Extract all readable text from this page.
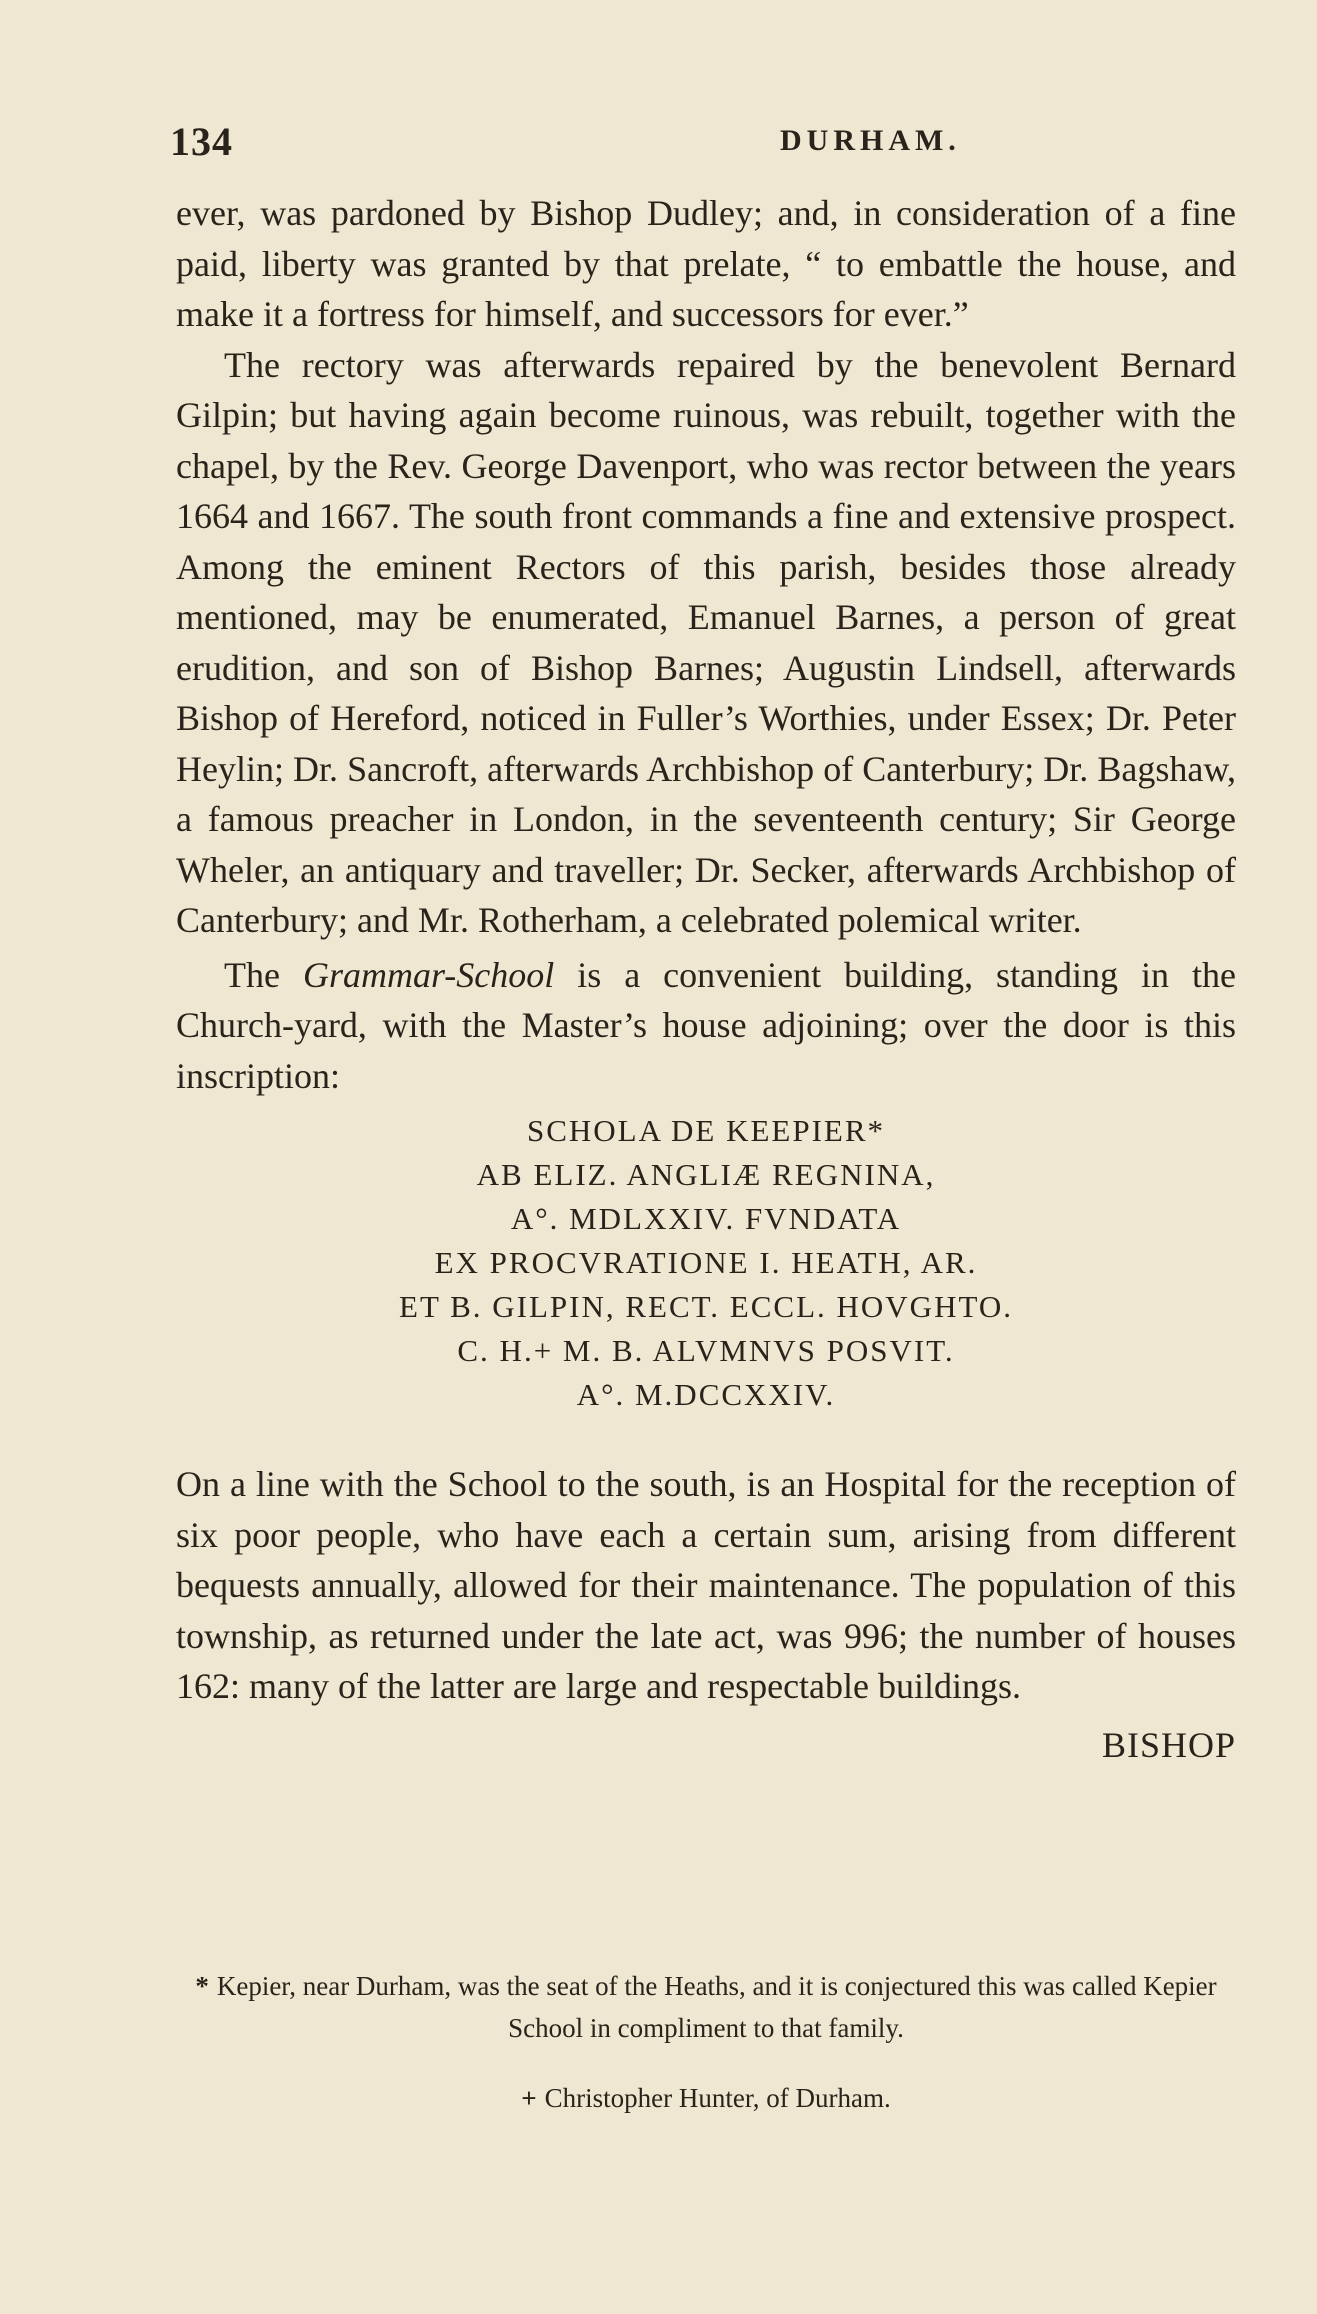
134	DURHAM.

ever, was pardoned by Bishop Dudley; and, in consideration of a fine paid, liberty was granted by that prelate, “ to embattle the house, and make it a fortress for himself, and successors for ever.”

The rectory was afterwards repaired by the benevolent Bernard Gilpin; but having again become ruinous, was rebuilt, together with the chapel, by the Rev. George Davenport, who was rector between the years 1664 and 1667. The south front commands a fine and extensive prospect. Among the eminent Rectors of this parish, besides those already mentioned, may be enumerated, Emanuel Barnes, a person of great erudition, and son of Bishop Barnes; Augustin Lindsell, afterwards Bishop of Hereford, noticed in Fuller’s Worthies, under Essex; Dr. Peter Heylin; Dr. Sancroft, afterwards Archbishop of Canterbury; Dr. Bagshaw, a famous preacher in London, in the seventeenth century; Sir George Wheler, an antiquary and traveller; Dr. Secker, afterwards Archbishop of Canterbury; and Mr. Rotherham, a celebrated polemical writer.

The Grammar-School is a convenient building, standing in the Church-yard, with the Master’s house adjoining; over the door is this inscription:

SCHOLA DE KEEPIER*
AB ELIZ. ANGLIÆ REGNINA,
A°. MDLXXIV. FVNDATA
EX PROCVRATIONE I. HEATH, AR.
ET B. GILPIN, RECT. ECCL. HOVGHTO.
C. H.+ M. B. ALVMNVS POSVIT.
A°. M.DCCXXIV.

On a line with the School to the south, is an Hospital for the reception of six poor people, who have each a certain sum, arising from different bequests annually, allowed for their maintenance. The population of this township, as returned under the late act, was 996; the number of houses 162: many of the latter are large and respectable buildings.

BISHOP

* Kepier, near Durham, was the seat of the Heaths, and it is conjectured this was called Kepier School in compliment to that family.

+ Christopher Hunter, of Durham.
